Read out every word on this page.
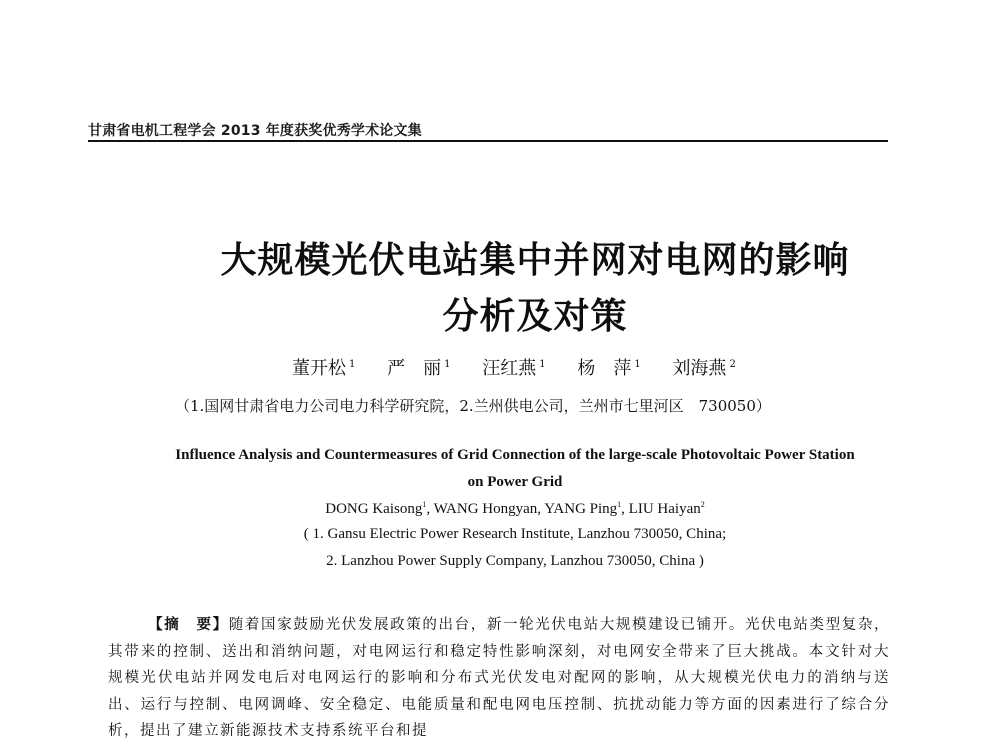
甘肃省电机工程学会 2013 年度获奖优秀学术论文集
大规模光伏电站集中并网对电网的影响
分析及对策
董开松 $^1$ 严　丽 $^1$ 汪红燕 $^1$ 杨　萍 $^1$ 刘海燕 $^2$
（1.国网甘肃省电力公司电力科学研究院，2.兰州供电公司，兰州市七里河区　730050）
Influence Analysis and Countermeasures of Grid Connection of the large-scale Photovoltaic Power Station
on Power Grid
DONG Kaisong$^1$, WANG Hongyan, YANG Ping$^1$, LIU Haiyan$^2$
( 1. Gansu Electric Power Research Institute, Lanzhou 730050, China;
2. Lanzhou Power Supply Company, Lanzhou 730050, China )
【摘　要】随着国家鼓励光伏发展政策的出台，新一轮光伏电站大规模建设已铺开。光伏电站类型复杂，其带来的控制、送出和消纳问题，对电网运行和稳定特性影响深刻，对电网安全带来了巨大挑战。本文针对大规模光伏电站并网发电后对电网运行的影响和分布式光伏发电对配网的影响，从大规模光伏电力的消纳与送出、运行与控制、电网调峰、安全稳定、电能质量和配电网电压控制、抗扰动能力等方面的因素进行了综合分析，提出了建立新能源技术支持系统平台和提
